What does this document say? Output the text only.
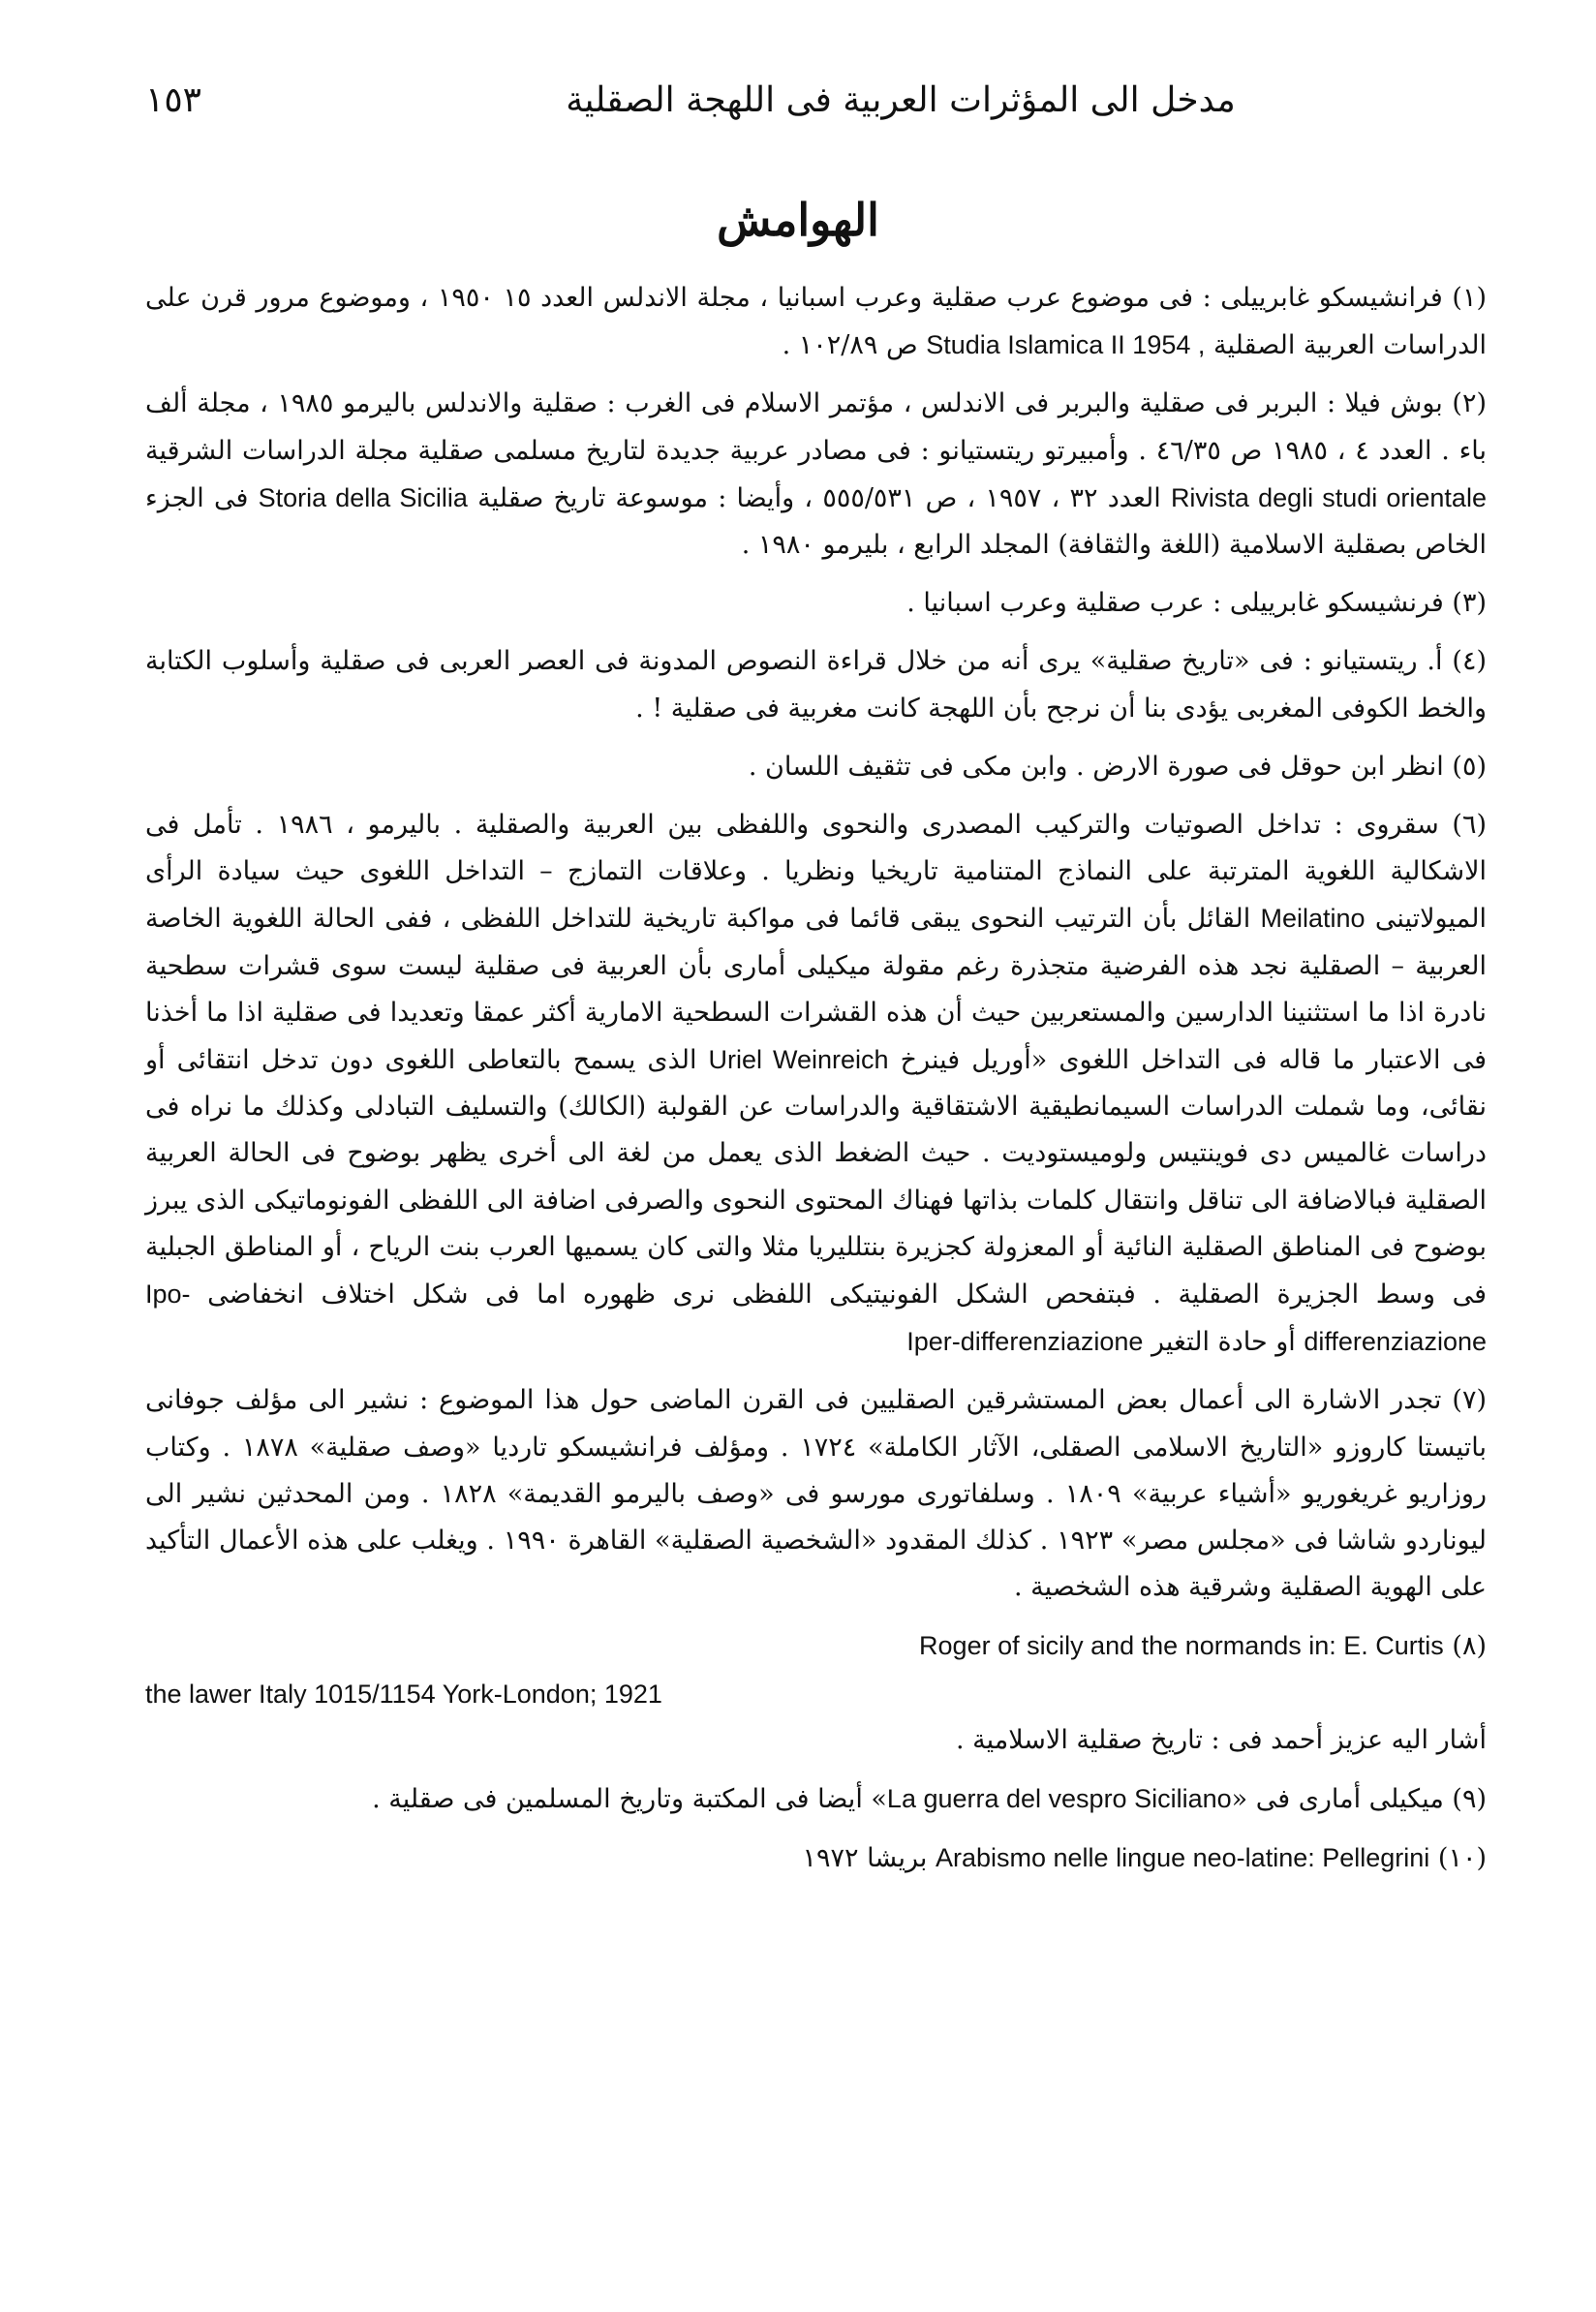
مدخل الى المؤثرات العربية فى اللهجة الصقلية
١٥٣
الهوامش

(١) فرانشيسكو غابرييلى : فى موضوع عرب صقلية وعرب اسبانيا ، مجلة الاندلس العدد ١٥ ١٩٥٠ ، وموضوع مرور قرن على الدراسات العربية الصقلية Studia Islamica II 1954 , ص ١٠٢/٨٩ .

(٢) بوش فيلا : البربر فى صقلية والبربر فى الاندلس ، مؤتمر الاسلام فى الغرب : صقلية والاندلس باليرمو ١٩٨٥ ، مجلة ألف باء . العدد ٤ ، ١٩٨٥ ص ٤٦/٣٥ . وأمبيرتو ريتستيانو : فى مصادر عربية جديدة لتاريخ مسلمى صقلية مجلة الدراسات الشرقية Rivista degli studi orientale العدد ٣٢ ، ١٩٥٧ ، ص ٥٥٥/٥٣١ ، وأيضا : موسوعة تاريخ صقلية Storia della Sicilia فى الجزء الخاص بصقلية الاسلامية (اللغة والثقافة) المجلد الرابع ، بليرمو ١٩٨٠ .

(٣) فرنشيسكو غابرييلى : عرب صقلية وعرب اسبانيا .

(٤) أ. ريتستيانو : فى «تاريخ صقلية» يرى أنه من خلال قراءة النصوص المدونة فى العصر العربى فى صقلية وأسلوب الكتابة والخط الكوفى المغربى يؤدى بنا أن نرجح بأن اللهجة كانت مغربية فى صقلية ! .

(٥) انظر ابن حوقل فى صورة الارض . وابن مكى فى تثقيف اللسان .

(٦) سقروى : تداخل الصوتيات والتركيب المصدرى والنحوى واللفظى بين العربية والصقلية . باليرمو ، ١٩٨٦ . تأمل فى الاشكالية اللغوية المترتبة على النماذج المتنامية تاريخيا ونظريا . وعلاقات التمازج – التداخل اللغوى حيث سيادة الرأى الميولاتينى Meilatino القائل بأن الترتيب النحوى يبقى قائما فى مواكبة تاريخية للتداخل اللفظى ، ففى الحالة اللغوية الخاصة العربية – الصقلية نجد هذه الفرضية متجذرة رغم مقولة ميكيلى أمارى بأن العربية فى صقلية ليست سوى قشرات سطحية نادرة اذا ما استثنينا الدارسين والمستعربين حيث أن هذه القشرات السطحية الامارية أكثر عمقا وتعديدا فى صقلية اذا ما أخذنا فى الاعتبار ما قاله فى التداخل اللغوى «أوريل فينرخ Uriel Weinreich الذى يسمح بالتعاطى اللغوى دون تدخل انتقائى أو نقائى، وما شملت الدراسات السيمانطيقية الاشتقاقية والدراسات عن القولبة (الكالك) والتسليف التبادلى وكذلك ما نراه فى دراسات غالميس دى فوينتيس ولوميستوديت . حيث الضغط الذى يعمل من لغة الى أخرى يظهر بوضوح فى الحالة العربية الصقلية فبالاضافة الى تناقل وانتقال كلمات بذاتها فهناك المحتوى النحوى والصرفى اضافة الى اللفظى الفونوماتيكى الذى يبرز بوضوح فى المناطق الصقلية النائية أو المعزولة كجزيرة بنتلليريا مثلا والتى كان يسميها العرب بنت الرياح ، أو المناطق الجبلية فى وسط الجزيرة الصقلية . فبتفحص الشكل الفونيتيكى اللفظى نرى ظهوره اما فى شكل اختلاف انخفاضى Ipo-differenziazione أو حادة التغير Iper-differenziazione

(٧) تجدر الاشارة الى أعمال بعض المستشرقين الصقليين فى القرن الماضى حول هذا الموضوع : نشير الى مؤلف جوفانى باتيستا كاروزو «التاريخ الاسلامى الصقلى، الآثار الكاملة» ١٧٢٤ . ومؤلف فرانشيسكو تارديا «وصف صقلية» ١٨٧٨ . وكتاب روزاريو غريغوريو «أشياء عربية» ١٨٠٩ . وسلفاتورى مورسو فى «وصف باليرمو القديمة» ١٨٢٨ . ومن المحدثين نشير الى ليوناردو شاشا فى «مجلس مصر» ١٩٢٣ . كذلك المقدود «الشخصية الصقلية» القاهرة ١٩٩٠ . ويغلب على هذه الأعمال التأكيد على الهوية الصقلية وشرقية هذه الشخصية .

(٨) Roger of sicily and the normands in: E. Curtis
the lawer Italy 1015/1154 York-London; 1921
أشار اليه عزيز أحمد فى : تاريخ صقلية الاسلامية .

(٩) ميكيلى أمارى فى «La guerra del vespro Siciliano» أيضا فى المكتبة وتاريخ المسلمين فى صقلية .

(١٠) Arabismo nelle lingue neo-latine: Pellegrini بريشا ١٩٧٢
